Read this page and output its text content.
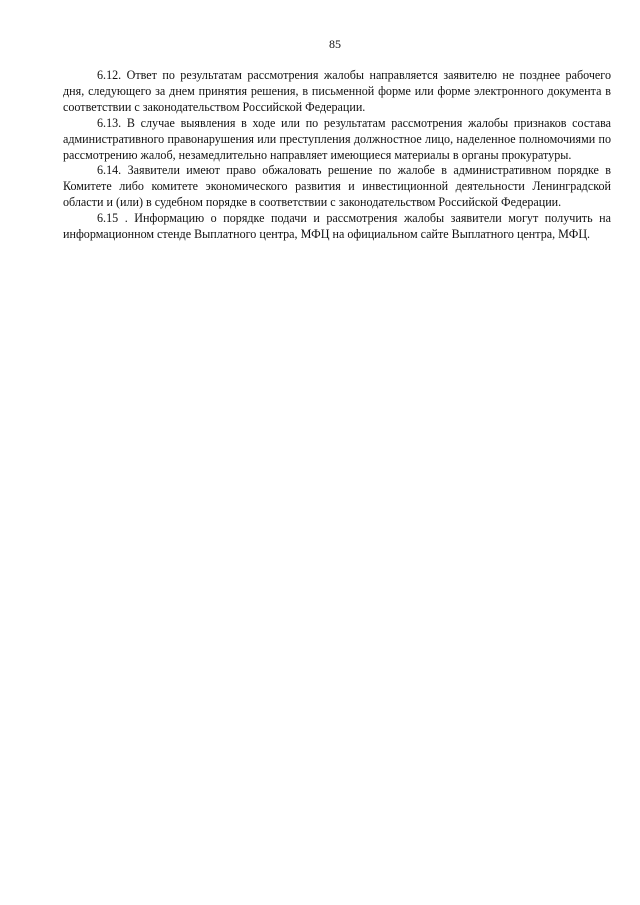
85

6.12. Ответ по результатам рассмотрения жалобы направляется заявителю не позднее рабочего дня, следующего за днем принятия решения, в письменной форме или форме электронного документа в соответствии с законодательством Российской Федерации.

6.13. В случае выявления в ходе или по результатам рассмотрения жалобы признаков состава административного правонарушения или преступления должностное лицо, наделенное полномочиями по рассмотрению жалоб, незамедлительно направляет имеющиеся материалы в органы прокуратуры.

6.14. Заявители имеют право обжаловать решение по жалобе в административном порядке в Комитете либо комитете экономического развития и инвестиционной деятельности Ленинградской области и (или) в судебном порядке в соответствии с законодательством Российской Федерации.

6.15 . Информацию о порядке подачи и рассмотрения жалобы заявители могут получить на информационном стенде Выплатного центра, МФЦ на официальном сайте Выплатного центра, МФЦ.
